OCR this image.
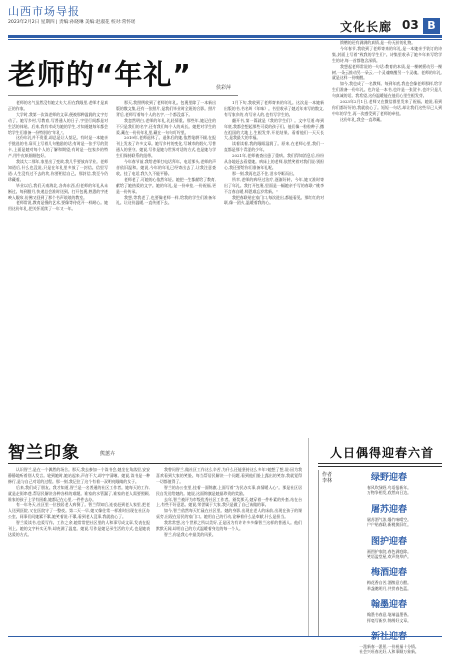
山西市场导报
2023年2月2日 星期四 | 责编:孙晓琳 美编:赵淑花 校对:常怀瑶	文化长廊 03 B
老师的“年礼”	侯彩萍

老师的名气虽然没有她丈夫大,但在我眼里,老师才是真正的作家。

大学时,我第一次读老师的文章,便被那种温润的文字打动了。她写乡村,写教育,写普通人的日子,字里行间都是对生活的体贴。后来,我有幸成为她的学生,才知道她每年都会给学生们准备一份特别的“年礼”。

这份年礼并不贵重,却总是让人惦记。有时是一本她亲手挑选的书,扉页上写着几句勉励的话;有时是一张手写的贺卡,上面是她对每个人的了解和期望;有时是一包家乡的特产,用牛皮纸细细包好。

我读大二那年,家里出了变故,我几乎要放弃学业。老师知道后,什么也没说,只是在年礼里多放了一封信。信里写道:人生没有过不去的坎,你要相信自己。那封信,我至今仍珍藏着。

毕业以后,我们天南海北,各奔东西,但老师的年礼从未断过。每到腊月,快递总会准时送到。打开包裹,熟悉的字迹映入眼帘,仿佛又回到了那个书声琅琅的教室。

老师常说,教育是慢的艺术,要像等待花开一样耐心。她用这份年礼,把关怀延续了一年又一年。

那天,我照例收到了老师的年礼。包裹里除了一本新出版的散文集,还有一张照片,是我们毕业时全班的合影。照片背后,老师写着每个人的名字,一个都没落下。

我忽然明白,老师的年礼,礼轻情重。那些年,她记住的不只是我们的名字,还有我们每个人的成长。她把对学生的爱,藏在一份份年礼里,藏在一句句叮咛里。

2019年,老师退休了。退休后的她,依然笔耕不辍,在报刊上发表了许多文章。她写乡村的变化,写城市的烟火,写普通人的坚守。她说,写作是她与世界对话的方式,也是她与学生们保持联系的纽带。

今年春节前,我给老师打电话拜年。电话那头,老师的声音依旧温和。她说,今年的年礼已经寄出去了,让我注意查收。挂了电话,我久久不能平静。

老师老了,可她的心依然年轻。她把一生都献给了教育,献给了她热爱的文字。她的年礼,是一份牵挂,一份祝福,更是一份传承。

我想,等我老了,也要像老师一样,给我的学生们准备年礼。让这份温暖,一直传递下去。

1月下旬,我收到了老师寄来的年礼。这次是一本她新出版的书,书名叫《年味》。书里收录了她近年来写的散文,有写家乡的,有写亲人的,也有写学生的。

翻开书,第一篇就是《我的学生们》。文中写道:每到年底,我都会想起那些可爱的孩子们。他们像一粒粒种子,撒在祖国的大地上,生根发芽,开花结果。看着他们一天天长大,是我最大的幸福。

读着读着,我的眼眶湿润了。原来,在老师心里,我们一直都是那个青涩的少年。

2021年,老师被查出患了重病。我们得知消息后,纷纷从各地赶去看望她。病床上的老师,依然笑着对我们说:别担心,我还要给你们准备年礼呢。

那一刻,我再也忍不住,泪水夺眶而出。

所幸,老师的病经过治疗,逐渐好转。今年,她又准时寄出了年礼。我打开包裹,里面是一幅她亲手写的春联:“桃李不言春自暖,师恩难忘岁常新。”

我把春联贴在家门口,每次进出,都能看见。那红红的对联,像一团火,温暖着我的心。

馈赠的还有满满的真情,是一份无价的礼物。

今年春节,我收到了老师寄来的年礼,是一本她亲手装订的诗集,封面上写着“致我的学生们”。诗集里收录了她多年来写给学生的诗,每一首都饱含深情。

我想起老师常说的一句话:教育的本质,是一棵树摇动另一棵树,一朵云推动另一朵云,一个灵魂唤醒另一个灵魂。老师的年礼,就是这样一份唤醒。

如今,我也成了一名教师。每到年底,我也会像老师那样,给学生们准备一份年礼。也许是一本书,也许是一张贺卡,也许只是几句真诚的话。我希望,这份温暖能在他们心里生根发芽。

2023年2月1日,老师又在微信群里发来了祝福。她说,看到你们都好好的,我就放心了。短短一句话,却让我们这些早已人到中年的学生,再一次感受到了老师的牵挂。

这份年礼,我会一直珍藏。

智兰印象	熊蕙卉

认识智兰,是在一个偶然的场合。那天,我去参加一个读书会,她坐在角落里,安安静静地听着别人发言。轮到她时,她站起来,声音不大,却字字清晰。她说,读书是一种修行,是与自己对话的过程。那一刻,我记住了这个有着一双明亮眼睛的女子。

后来,我们成了朋友。我才知道,智兰是一名普通的社区工作者。她每天的工作,就是走街串巷,帮居民解决各种各样的难题。谁家的水管漏了,谁家的老人需要照顾,谁家的孩子上学有困难,她都记在心里,一件件去办。

有一年冬天,社区里一位独居老人病倒了。智兰得知后,连夜赶到老人家里,把老人送到医院,又在医院守了一整夜。第二天一早,她又像往常一样准时出现在社区办公室。同事们问她累不累,她笑着说:不累,看到老人没事,我就放心了。

智兰爱读书,也爱写作。工作之余,她常常把社区里的人和事写成文章,发表在报刊上。她的文字朴实无华,却充满了温度。她说,写作是她记录生活的方式,也是她表达爱的方式。

我曾问智兰,做社区工作这么辛苦,为什么还能坚持这么多年?她想了想,说:因为我喜欢看到大家的笑脸。每当帮居民解决一个问题,看到他们脸上露出的笑容,我就觉得一切都值得了。

智兰的办公室里,挂着一面锦旗,上面写着“为民办实事,真情暖人心”。那是社区居民自发送给她的。她说,这面锦旗是她最珍贵的奖励。

去年,智兰被评为市级优秀社区工作者。颁奖那天,她穿着一件朴素的外套,站在台上,有些不好意思。她说,荣誉属于大家,我只是做了自己该做的事。

如今,智兰依然每天忙碌在社区里。她的身影,出现在老人的床前,出现在孩子的课桌旁,出现在居民的家门口。她用自己的行动,诠释着什么是奉献,什么是担当。

我常常想,这个世界之所以美好,正是因为有许许多多像智兰这样的普通人。他们默默无闻,却用自己的方式温暖着身边的每一个人。

智兰,你是我心中最美的风景。

人日偶得迎春六首
作者 李林	绿野迎春
春风吹绿野,鸟语报新年。
万物争相发,欣然向日边。
屠苏迎春
屠苏酒气浓,爆竹响晴空。
户户贴春联,新桃换旧红。
图护迎春
画图护家院,春色满庭除。
笑语盈堂屋,欢声绕草庐。
梅酒迎春
梅花香自苦,酒醉意方酣。
举盏邀明月,共赏春色蓝。
翰墨迎春
翰墨书春意,笔端溢墨香。
挥毫写新岁,锦绣好文章。
新社迎春
一派新春一派景,一份祝福十分情。
社会兴旺春光好,人和事顺万象新。
